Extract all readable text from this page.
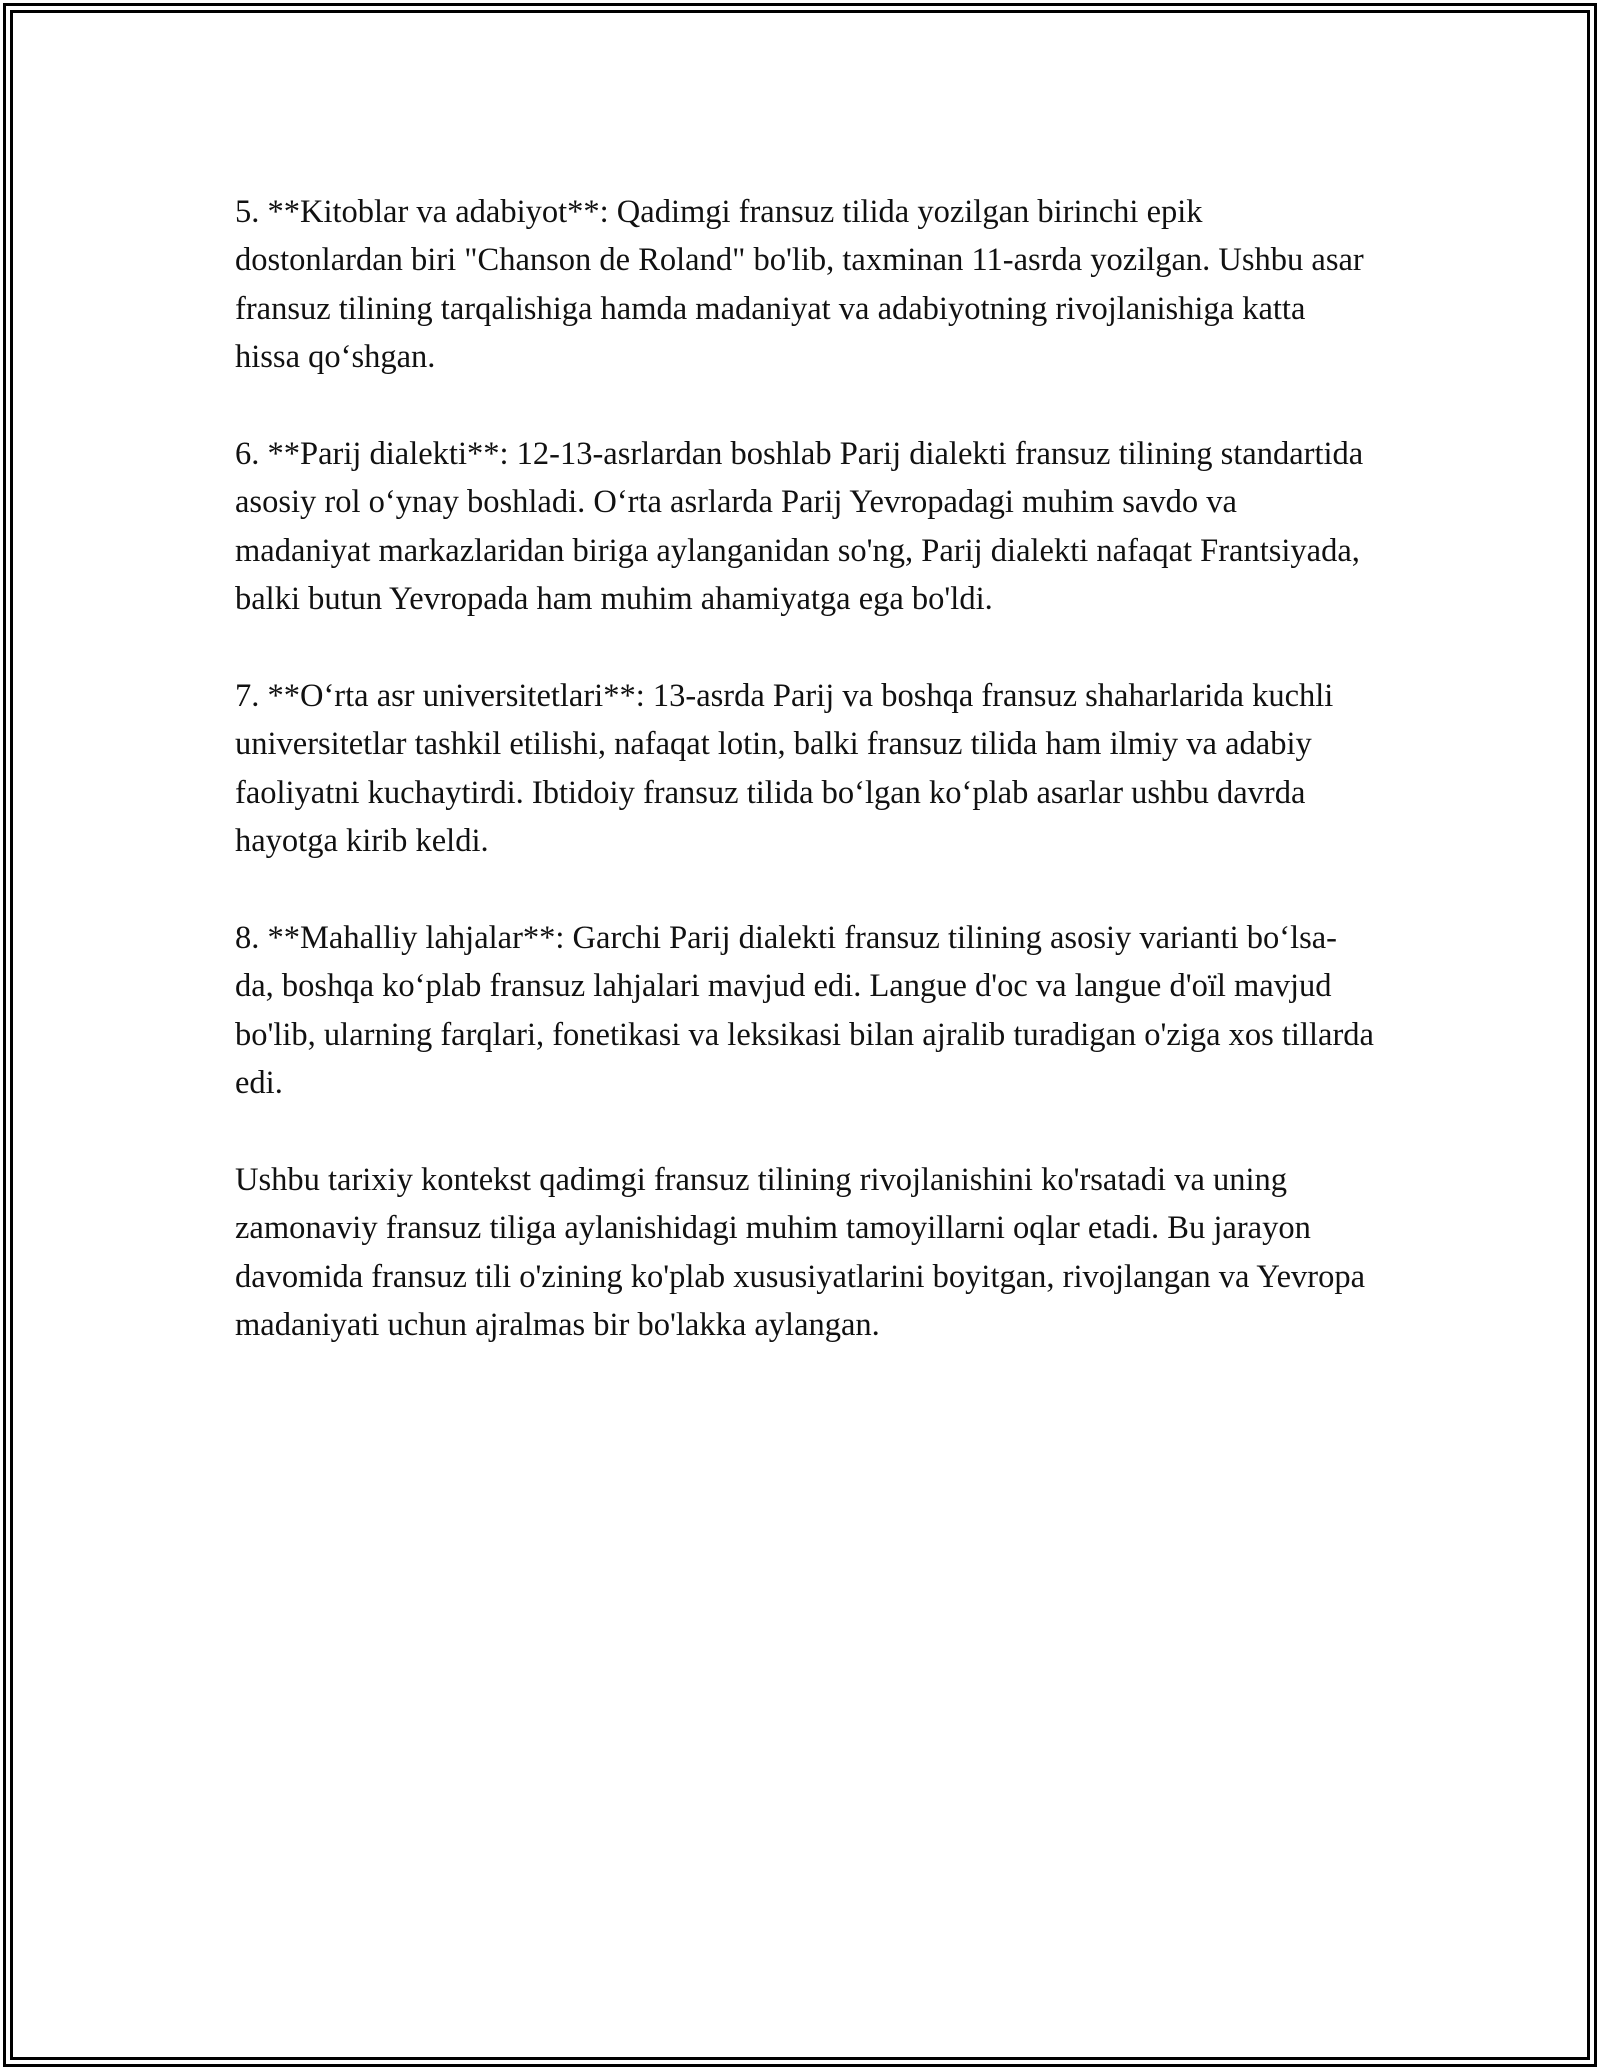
5. **Kitoblar va adabiyot**: Qadimgi fransuz tilida yozilgan birinchi epik dostonlardan biri "Chanson de Roland" bo'lib, taxminan 11-asrda yozilgan. Ushbu asar fransuz tilining tarqalishiga hamda madaniyat va adabiyotning rivojlanishiga katta hissa qo‘shgan.

6. **Parij dialekti**: 12-13-asrlardan boshlab Parij dialekti fransuz tilining standartida asosiy rol o‘ynay boshladi. O‘rta asrlarda Parij Yevropadagi muhim savdo va madaniyat markazlaridan biriga aylanganidan so'ng, Parij dialekti nafaqat Frantsiyada, balki butun Yevropada ham muhim ahamiyatga ega bo'ldi.

7. **O‘rta asr universitetlari**: 13-asrda Parij va boshqa fransuz shaharlarida kuchli universitetlar tashkil etilishi, nafaqat lotin, balki fransuz tilida ham ilmiy va adabiy faoliyatni kuchaytirdi. Ibtidoiy fransuz tilida bo‘lgan ko‘plab asarlar ushbu davrda hayotga kirib keldi.

8. **Mahalliy lahjalar**: Garchi Parij dialekti fransuz tilining asosiy varianti bo‘lsa-da, boshqa ko‘plab fransuz lahjalari mavjud edi. Langue d'oc va langue d'oïl mavjud bo'lib, ularning farqlari, fonetikasi va leksikasi bilan ajralib turadigan o'ziga xos tillarda edi.

Ushbu tarixiy kontekst qadimgi fransuz tilining rivojlanishini ko'rsatadi va uning zamonaviy fransuz tiliga aylanishidagi muhim tamoyillarni oqlar etadi. Bu jarayon davomida fransuz tili o'zining ko'plab xususiyatlarini boyitgan, rivojlangan va Yevropa madaniyati uchun ajralmas bir bo'lakka aylangan.
